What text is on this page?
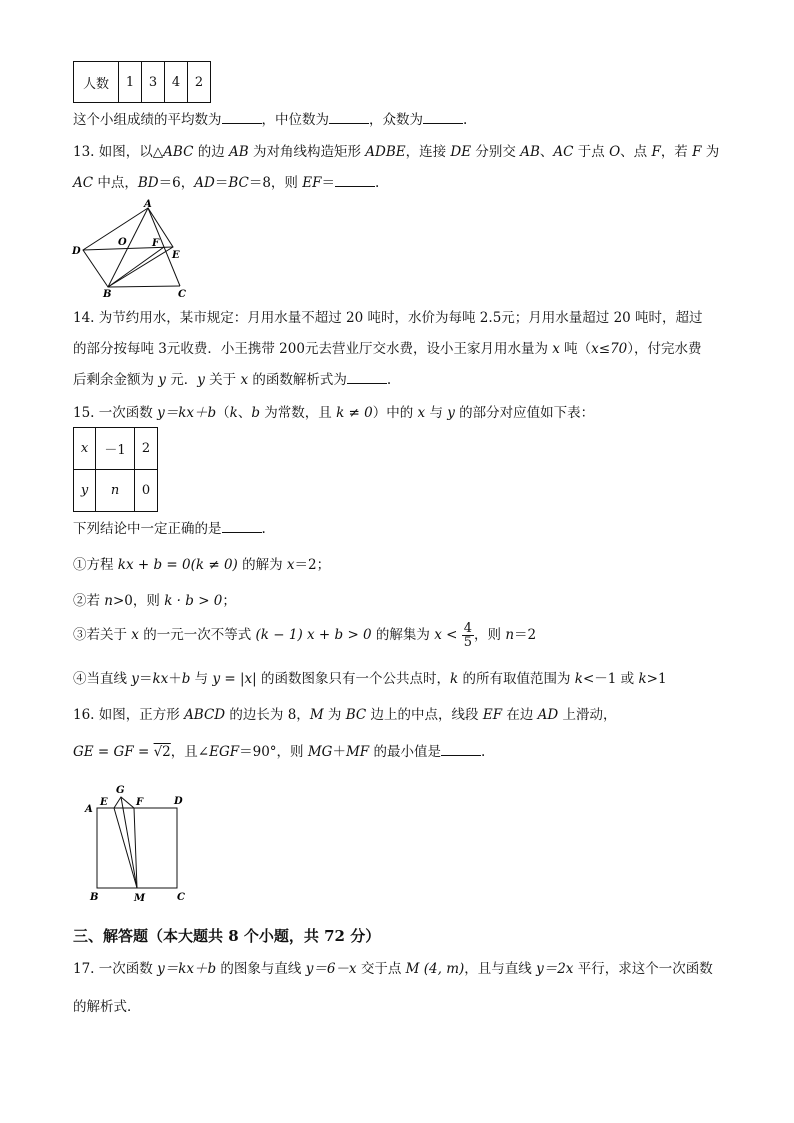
人数	1	3	4	2
这个小组成绩的平均数为	，中位数为	，众数为	.
13. 如图，以△ABC 的边 AB 为对角线构造矩形 ADBE，连接 DE 分别交 AB、AC 于点 O、点 F，若 F 为
AC 中点，BD＝6，AD＝BC＝8，则 EF＝	.
A
D
O	F
E
B	C
14. 为节约用水，某市规定：月用水量不超过 20 吨时，水价为每吨 2.5元；月用水量超过 20 吨时，超过
的部分按每吨 3元收费．小王携带 200元去营业厅交水费，设小王家月用水量为 x 吨（x≤70），付完水费
后剩余金额为 y 元．y 关于 x 的函数解析式为	.
15. 一次函数 y＝kx＋b（k、b 为常数，且 k ≠ 0）中的 x 与 y 的部分对应值如下表：
x	－1	2
y	n	0
下列结论中一定正确的是	.
①方程 kx + b = 0(k ≠ 0) 的解为 x＝2；
②若 n>0，则 k · b > 0；
③若关于 x 的一元一次不等式 (k − 1) x + b > 0 的解集为 $x < \frac{4}{5}$ ，则 n＝2
④当直线 y＝kx＋b 与 y = |x| 的函数图象只有一个公共点时，k 的所有取值范围为 k<－1 或 k>1
16. 如图，正方形 ABCD 的边长为 8，M 为 BC 边上的中点，线段 EF 在边 AD 上滑动，
GE = GF = √2，且∠EGF＝90°，则 MG＋MF 的最小值是	.
G
A
E	F	D
B	M	C
三、解答题（本大题共 8 个小题，共 72 分）
17. 一次函数 y＝kx＋b 的图象与直线 y＝6－x 交于点 M (4, m)，且与直线 y＝2x 平行，求这个一次函数
的解析式．
